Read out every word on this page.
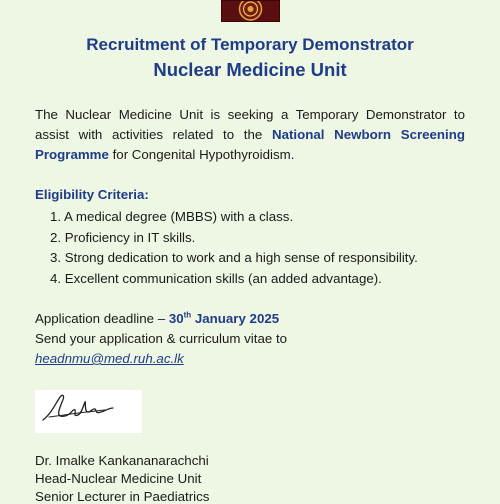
Recruitment of Temporary Demonstrator
Nuclear Medicine Unit
The Nuclear Medicine Unit is seeking a Temporary Demonstrator to assist with activities related to the National Newborn Screening Programme for Congenital Hypothyroidism.
Eligibility Criteria:
1. A medical degree (MBBS) with a class.
2. Proficiency in IT skills.
3. Strong dedication to work and a high sense of responsibility.
4. Excellent communication skills (an added advantage).
Application deadline – 30th January 2025
Send your application & curriculum vitae to
headnmu@med.ruh.ac.lk
Dr. Imalke Kankananarachchi
Head-Nuclear Medicine Unit
Senior Lecturer in Paediatrics
